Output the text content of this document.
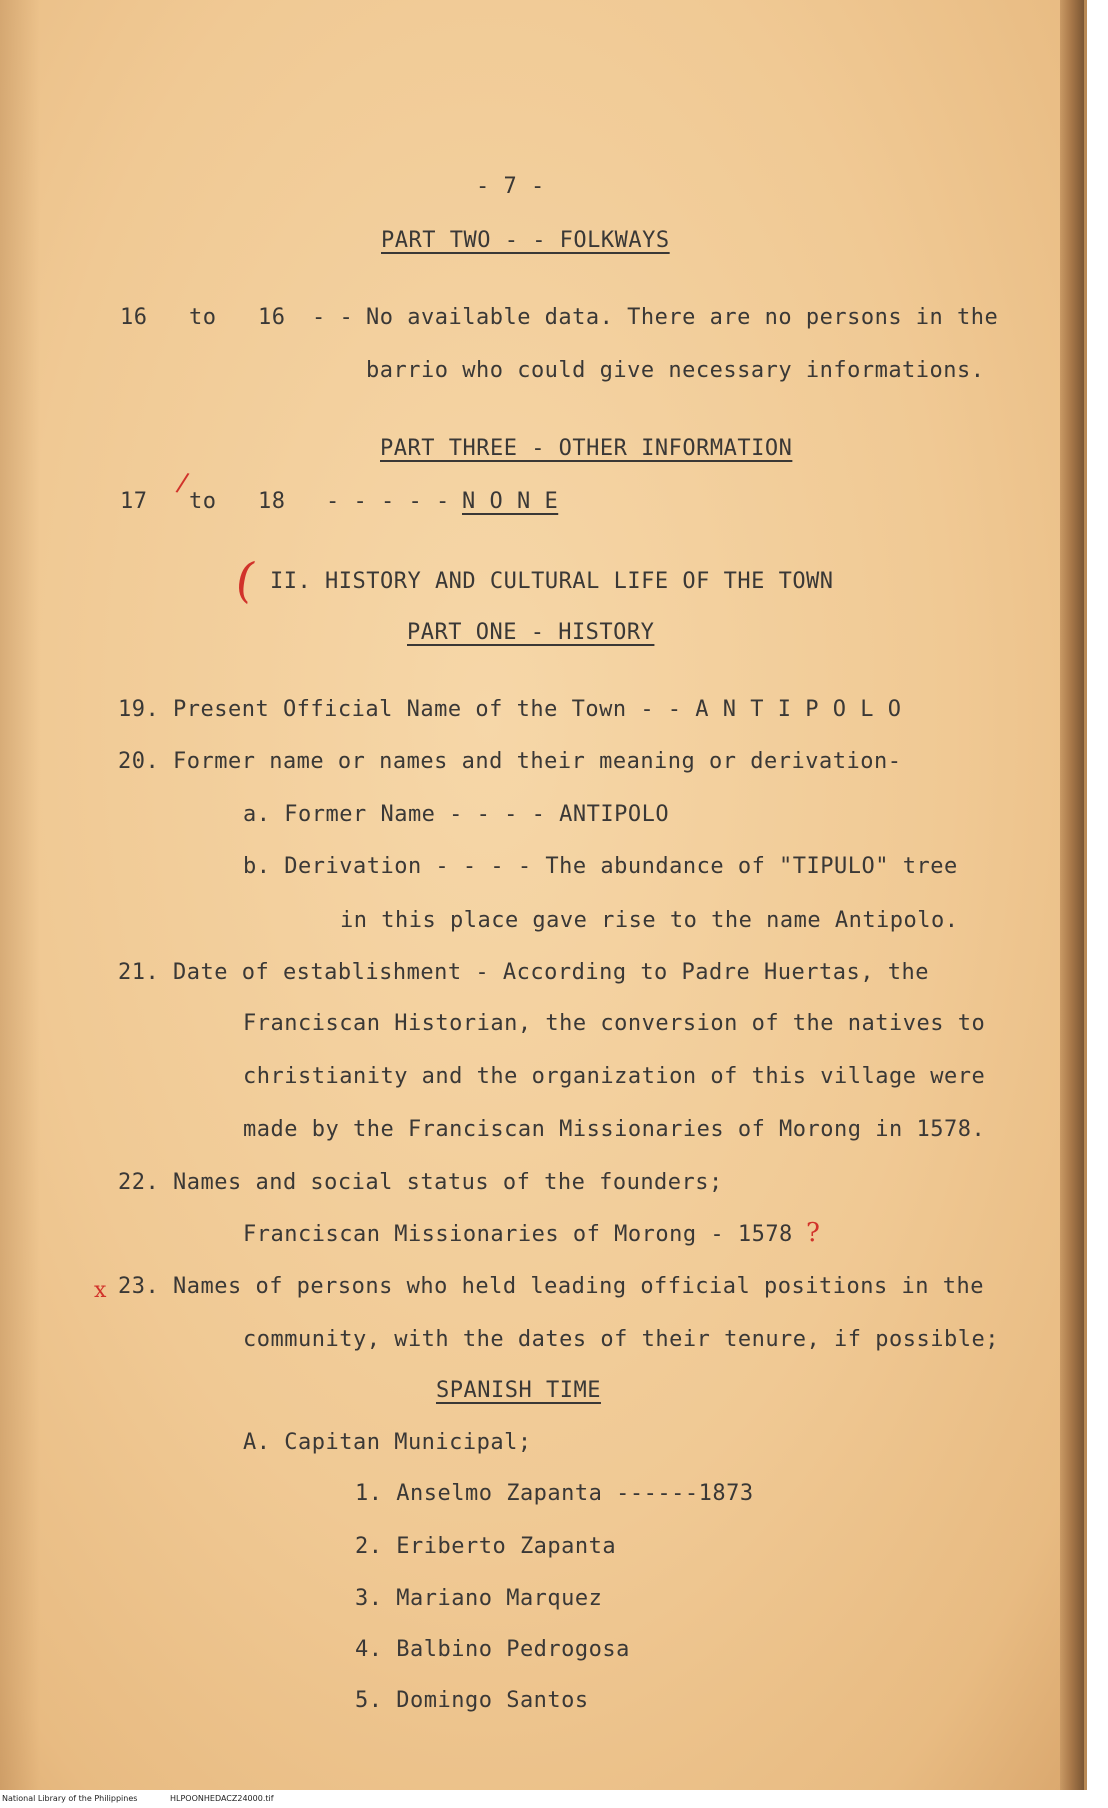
- 7 -
PART TWO - - FOLKWAYS
16 to 16 - - No available data. There are no persons in the
barrio who could give necessary informations.
PART THREE - OTHER INFORMATION
17 to 18 - - - - - N O N E
II. HISTORY AND CULTURAL LIFE OF THE TOWN
PART ONE - HISTORY
19. Present Official Name of the Town - - A N T I P O L O
20. Former name or names and their meaning or derivation-
a. Former Name - - - - ANTIPOLO
b. Derivation - - - - The abundance of "TIPULO" tree
in this place gave rise to the name Antipolo.
21. Date of establishment - According to Padre Huertas, the
Franciscan Historian, the conversion of the natives to
christianity and the organization of this village were
made by the Franciscan Missionaries of Morong in 1578.
22. Names and social status of the founders;
Franciscan Missionaries of Morong - 1578
23. Names of persons who held leading official positions in the
community, with the dates of their tenure, if possible;
SPANISH TIME
A. Capitan Municipal;
1. Anselmo Zapanta ------1873
2. Eriberto Zapanta
3. Mariano Marquez
4. Balbino Pedrogosa
5. Domingo Santos
/
(
?
x
National Library of the Philippines	HLPOONHEDACZ24000.tif
